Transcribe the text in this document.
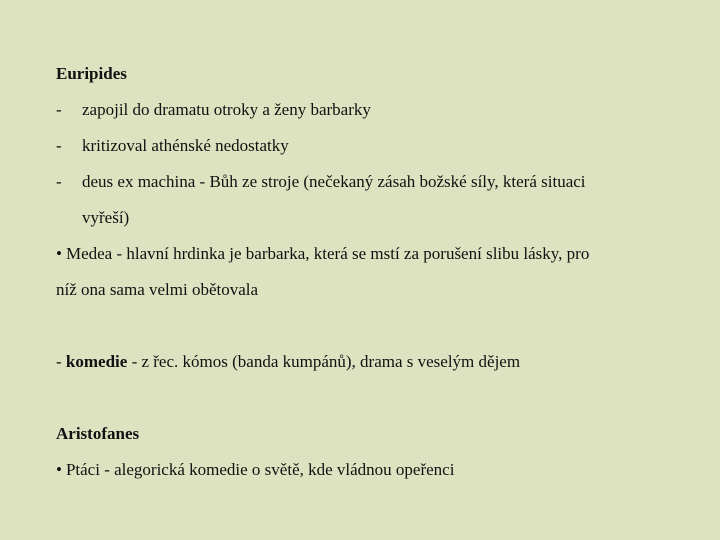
Euripides
- zapojil do dramatu otroky a ženy barbarky
- kritizoval athénské nedostatky
- deus ex machina - Bůh ze stroje (nečekaný zásah božské síly, která situaci
vyřeší)
• Medea - hlavní hrdinka je barbarka, která se mstí za porušení slibu lásky, pro
níž ona sama velmi obětovala
- komedie - z řec. kómos (banda kumpánů), drama s veselým dějem
Aristofanes
• Ptáci - alegorická komedie o světě, kde vládnou opeřenci
